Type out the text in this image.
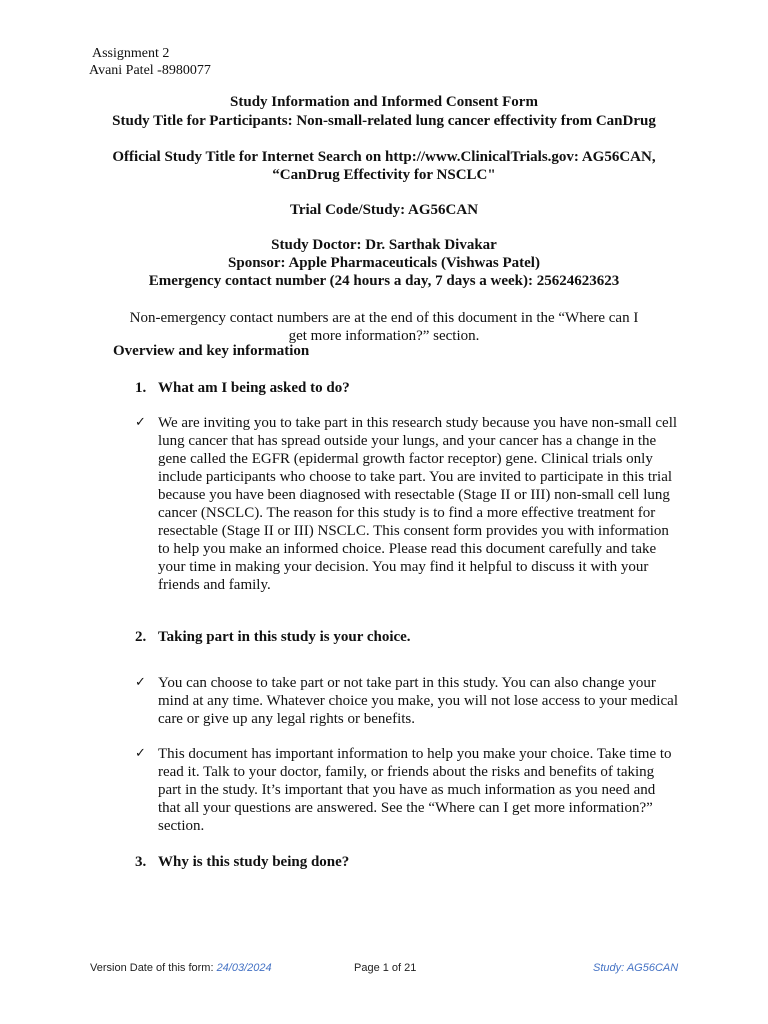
Assignment 2
Avani Patel -8980077
Study Information and Informed Consent Form
Study Title for Participants: Non-small-related lung cancer effectivity from CanDrug
Official Study Title for Internet Search on http://www.ClinicalTrials.gov: AG56CAN,
“CanDrug Effectivity for NSCLC"
Trial Code/Study: AG56CAN
Study Doctor: Dr. Sarthak Divakar
Sponsor: Apple Pharmaceuticals (Vishwas Patel)
Emergency contact number (24 hours a day, 7 days a week): 25624623623
Non-emergency contact numbers are at the end of this document in the “Where can I get more information?” section.
Overview and key information
1. What am I being asked to do?
✓ We are inviting you to take part in this research study because you have non-small cell lung cancer that has spread outside your lungs, and your cancer has a change in the gene called the EGFR (epidermal growth factor receptor) gene. Clinical trials only include participants who choose to take part. You are invited to participate in this trial because you have been diagnosed with resectable (Stage II or III) non-small cell lung cancer (NSCLC). The reason for this study is to find a more effective treatment for resectable (Stage II or III) NSCLC. This consent form provides you with information to help you make an informed choice. Please read this document carefully and take your time in making your decision. You may find it helpful to discuss it with your friends and family.
2. Taking part in this study is your choice.
✓ You can choose to take part or not take part in this study. You can also change your mind at any time. Whatever choice you make, you will not lose access to your medical care or give up any legal rights or benefits.
✓ This document has important information to help you make your choice. Take time to read it. Talk to your doctor, family, or friends about the risks and benefits of taking part in the study. It’s important that you have as much information as you need and that all your questions are answered. See the “Where can I get more information?” section.
3. Why is this study being done?
Version Date of this form: 24/03/2024	Page 1 of 21	Study: AG56CAN
